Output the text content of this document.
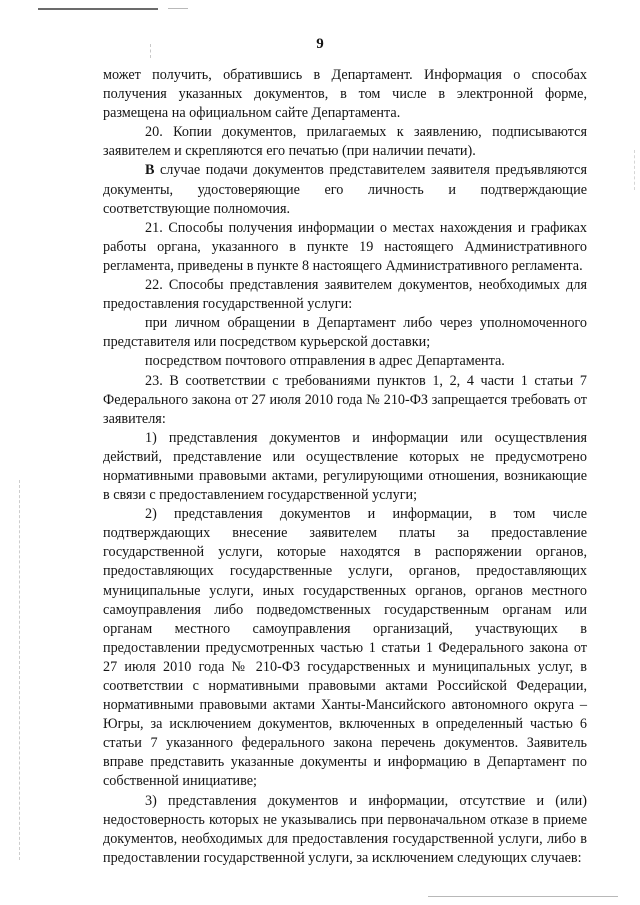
9

может получить, обратившись в Департамент. Информация о способах получения указанных документов, в том числе в электронной форме, размещена на официальном сайте Департамента.

20. Копии документов, прилагаемых к заявлению, подписываются заявителем и скрепляются его печатью (при наличии печати).

В случае подачи документов представителем заявителя предъявляются документы, удостоверяющие его личность и подтверждающие соответствующие полномочия.

21. Способы получения информации о местах нахождения и графиках работы органа, указанного в пункте 19 настоящего Административного регламента, приведены в пункте 8 настоящего Административного регламента.

22. Способы представления заявителем документов, необходимых для предоставления государственной услуги:

при личном обращении в Департамент либо через уполномоченного представителя или посредством курьерской доставки;

посредством почтового отправления в адрес Департамента.

23. В соответствии с требованиями пунктов 1, 2, 4 части 1 статьи 7 Федерального закона от 27 июля 2010 года № 210-ФЗ запрещается требовать от заявителя:

1) представления документов и информации или осуществления действий, представление или осуществление которых не предусмотрено нормативными правовыми актами, регулирующими отношения, возникающие в связи с предоставлением государственной услуги;

2) представления документов и информации, в том числе подтверждающих внесение заявителем платы за предоставление государственной услуги, которые находятся в распоряжении органов, предоставляющих государственные услуги, органов, предоставляющих муниципальные услуги, иных государственных органов, органов местного самоуправления либо подведомственных государственным органам или органам местного самоуправления организаций, участвующих в предоставлении предусмотренных частью 1 статьи 1 Федерального закона от 27 июля 2010 года № 210-ФЗ государственных и муниципальных услуг, в соответствии с нормативными правовыми актами Российской Федерации, нормативными правовыми актами Ханты-Мансийского автономного округа – Югры, за исключением документов, включенных в определенный частью 6 статьи 7 указанного федерального закона перечень документов. Заявитель вправе представить указанные документы и информацию в Департамент по собственной инициативе;

3) представления документов и информации, отсутствие и (или) недостоверность которых не указывались при первоначальном отказе в приеме документов, необходимых для предоставления государственной услуги, либо в предоставлении государственной услуги, за исключением следующих случаев:
